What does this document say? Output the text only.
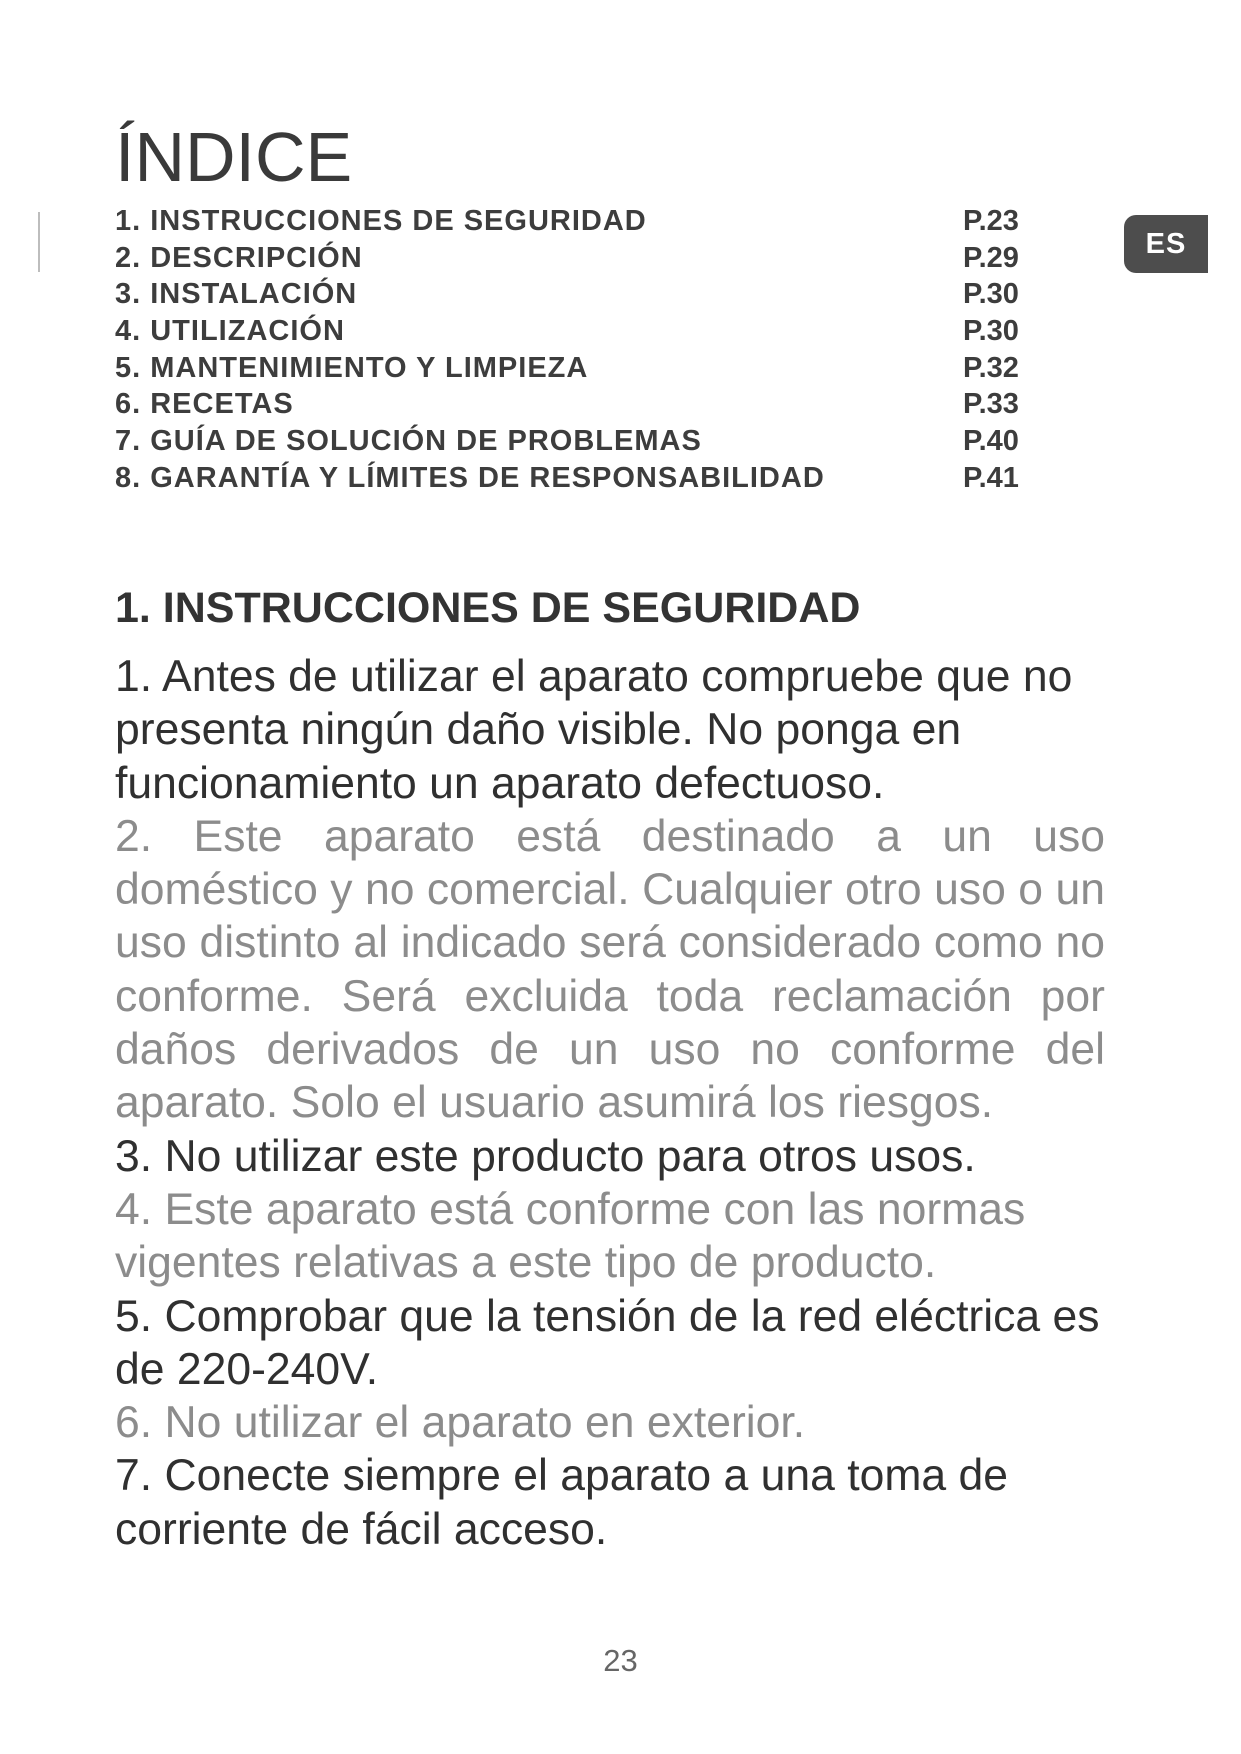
ES
ÍNDICE
1. INSTRUCCIONES DE SEGURIDAD	P.23
2. DESCRIPCIÓN	P.29
3. INSTALACIÓN	P.30
4. UTILIZACIÓN	P.30
5. MANTENIMIENTO Y LIMPIEZA	P.32
6. RECETAS	P.33
7. GUÍA DE SOLUCIÓN DE PROBLEMAS	P.40
8. GARANTÍA Y LÍMITES DE RESPONSABILIDAD	P.41
1. INSTRUCCIONES DE SEGURIDAD

1. Antes de utilizar el aparato compruebe que no presenta ningún daño visible. No ponga en funcionamiento un aparato defectuoso.

2. Este aparato está destinado a un uso doméstico y no comercial. Cualquier otro uso o un uso distinto al indicado será considerado como no conforme. Será excluida toda reclamación por daños derivados de un uso no conforme del aparato. Solo el usuario asumirá los riesgos.

3. No utilizar este producto para otros usos.

4. Este aparato está conforme con las normas vigentes relativas a este tipo de producto.

5. Comprobar que la tensión de la red eléctrica es de 220-240V.

6. No utilizar el aparato en exterior.

7. Conecte siempre el aparato a una toma de corriente de fácil acceso.

23
